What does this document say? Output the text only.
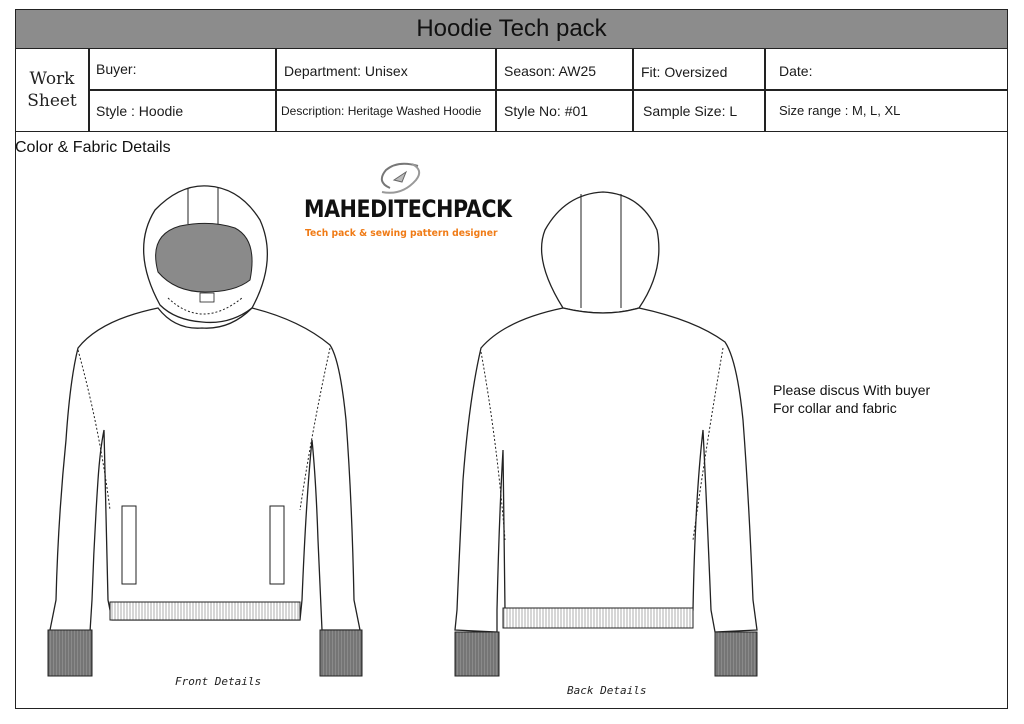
Hoodie Tech pack
Work
Sheet
Buyer:	Department: Unisex	Season: AW25	Fit: Oversized	Date:
Style : Hoodie	Description: Heritage Washed Hoodie	Style No: #01	Sample Size: L	Size range : M, L, XL
Color & Fabric Details
MAHEDITECHPACK
Tech pack & sewing pattern designer
Please discus With buyer
For collar and fabric
Front Details
Back Details
